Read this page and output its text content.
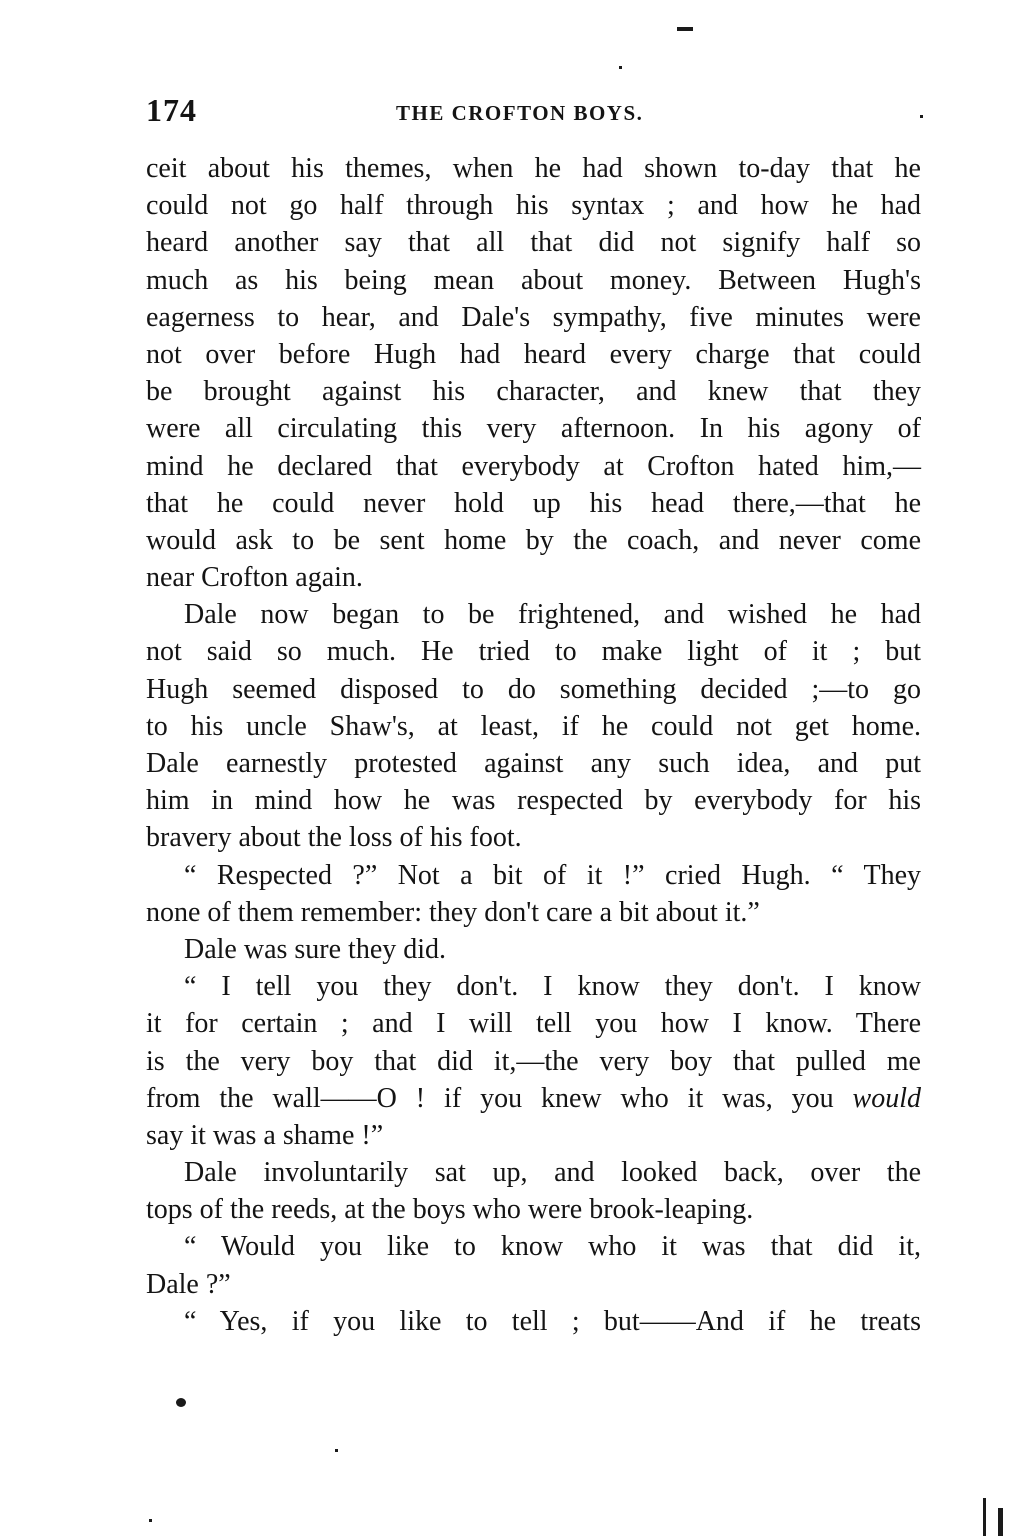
174	THE CROFTON BOYS.
ceit about his themes, when he had shown to-day that he
could not go half through his syntax ; and how he had
heard another say that all that did not signify half so
much as his being mean about money. Between Hugh's
eagerness to hear, and Dale's sympathy, five minutes were
not over before Hugh had heard every charge that could
be brought against his character, and knew that they
were all circulating this very afternoon. In his agony of
mind he declared that everybody at Crofton hated him,—
that he could never hold up his head there,—that he
would ask to be sent home by the coach, and never come
near Crofton again.
Dale now began to be frightened, and wished he had
not said so much. He tried to make light of it ; but
Hugh seemed disposed to do something decided ;—to go
to his uncle Shaw's, at least, if he could not get home.
Dale earnestly protested against any such idea, and put
him in mind how he was respected by everybody for his
bravery about the loss of his foot.
“ Respected ?” Not a bit of it !” cried Hugh. “ They
none of them remember: they don't care a bit about it.”
Dale was sure they did.
“ I tell you they don't. I know they don't. I know
it for certain ; and I will tell you how I know. There
is the very boy that did it,—the very boy that pulled me
from the wall——O ! if you knew who it was, you would
say it was a shame !”
Dale involuntarily sat up, and looked back, over the
tops of the reeds, at the boys who were brook-leaping.
“ Would you like to know who it was that did it,
Dale ?”
“ Yes, if you like to tell ; but——And if he treats
